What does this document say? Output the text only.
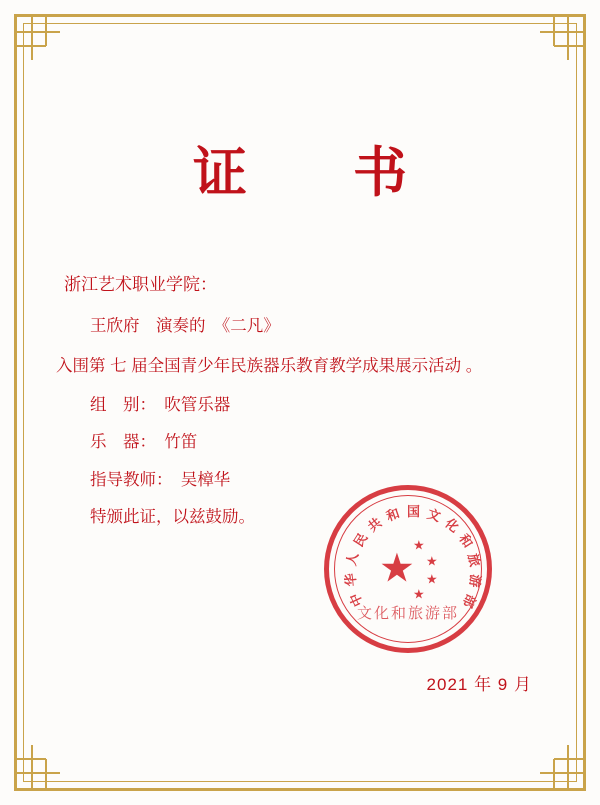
证　书
浙江艺术职业学院：
王欣府　演奏的　《二凡》
入围第 七 届全国青少年民族器乐教育教学成果展示活动 。
组　别：　 吹管乐器
乐　器：　 竹笛
指导教师：　 吴樟华
特颁此证，以兹鼓励。
中
华
人
民
共 和 国 文
化
和
旅
游
部
★
★
★
★
★
文化和旅游部
2021 年 9 月
